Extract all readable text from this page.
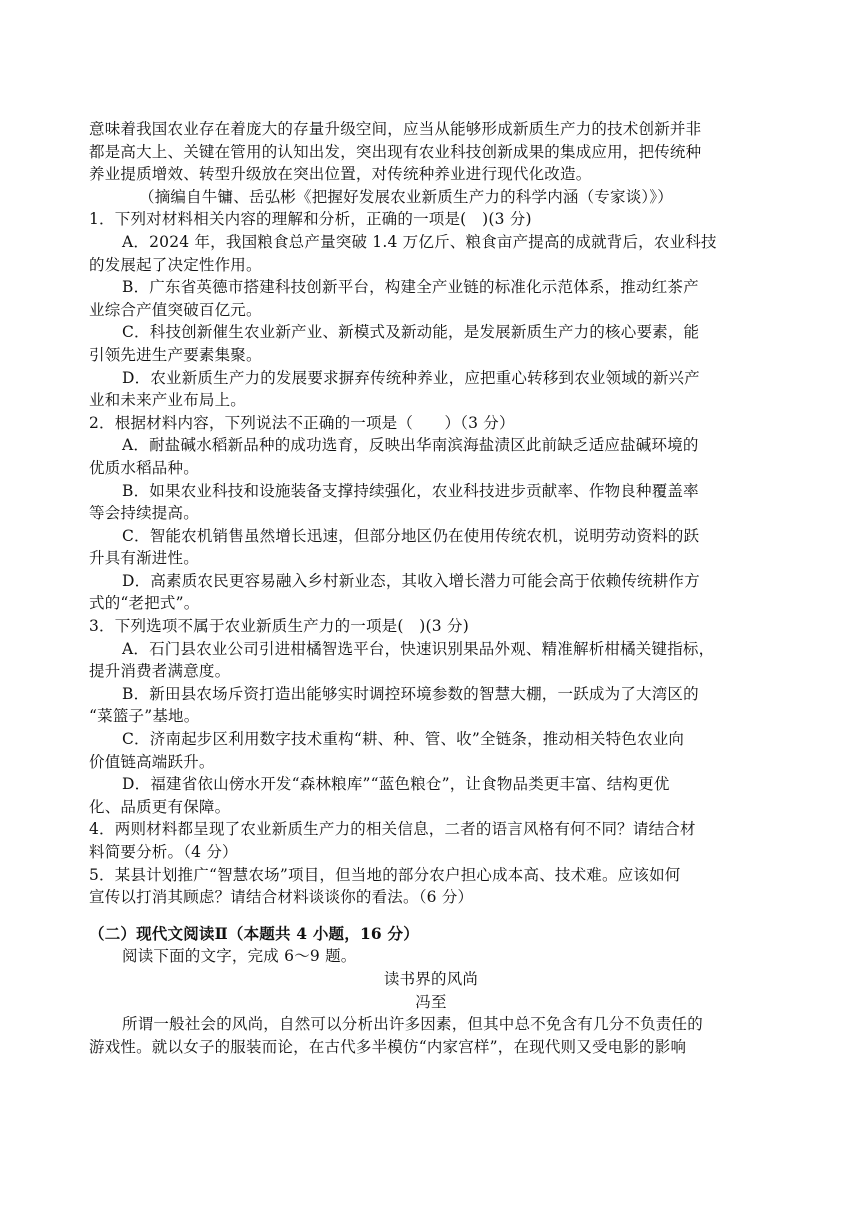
意味着我国农业存在着庞大的存量升级空间，应当从能够形成新质生产力的技术创新并非
都是高大上、关键在管用的认知出发，突出现有农业科技创新成果的集成应用，把传统种
养业提质增效、转型升级放在突出位置，对传统种养业进行现代化改造。
（摘编自牛镛、岳弘彬《把握好发展农业新质生产力的科学内涵（专家谈）》）
1．下列对材料相关内容的理解和分析，正确的一项是(　)(3 分)
A．2024 年，我国粮食总产量突破 1.4 万亿斤、粮食亩产提高的成就背后，农业科技
的发展起了决定性作用。
B．广东省英德市搭建科技创新平台，构建全产业链的标准化示范体系，推动红茶产
业综合产值突破百亿元。
C．科技创新催生农业新产业、新模式及新动能，是发展新质生产力的核心要素，能
引领先进生产要素集聚。
D．农业新质生产力的发展要求摒弃传统种养业，应把重心转移到农业领域的新兴产
业和未来产业布局上。
2．根据材料内容，下列说法不正确的一项是（　　）（3 分）
A．耐盐碱水稻新品种的成功选育，反映出华南滨海盐渍区此前缺乏适应盐碱环境的
优质水稻品种。
B．如果农业科技和设施装备支撑持续强化，农业科技进步贡献率、作物良种覆盖率
等会持续提高。
C．智能农机销售虽然增长迅速，但部分地区仍在使用传统农机，说明劳动资料的跃
升具有渐进性。
D．高素质农民更容易融入乡村新业态，其收入增长潜力可能会高于依赖传统耕作方
式的“老把式”。
3．下列选项不属于农业新质生产力的一项是(　)(3 分)
A．石门县农业公司引进柑橘智选平台，快速识别果品外观、精准解析柑橘关键指标，
提升消费者满意度。
B．新田县农场斥资打造出能够实时调控环境参数的智慧大棚，一跃成为了大湾区的
“菜篮子”基地。
C．济南起步区利用数字技术重构“耕、种、管、收”全链条，推动相关特色农业向
价值链高端跃升。
D．福建省依山傍水开发“森林粮库”“蓝色粮仓”，让食物品类更丰富、结构更优
化、品质更有保障。
4．两则材料都呈现了农业新质生产力的相关信息，二者的语言风格有何不同？请结合材
料简要分析。（4 分）
5．某县计划推广“智慧农场”项目，但当地的部分农户担心成本高、技术难。应该如何
宣传以打消其顾虑？请结合材料谈谈你的看法。（6 分）
（二）现代文阅读Ⅱ（本题共 4 小题，16 分）
阅读下面的文字，完成 6～9 题。
读书界的风尚
冯至
所谓一般社会的风尚，自然可以分析出许多因素，但其中总不免含有几分不负责任的
游戏性。就以女子的服装而论，在古代多半模仿“内家宫样”，在现代则又受电影的影响
